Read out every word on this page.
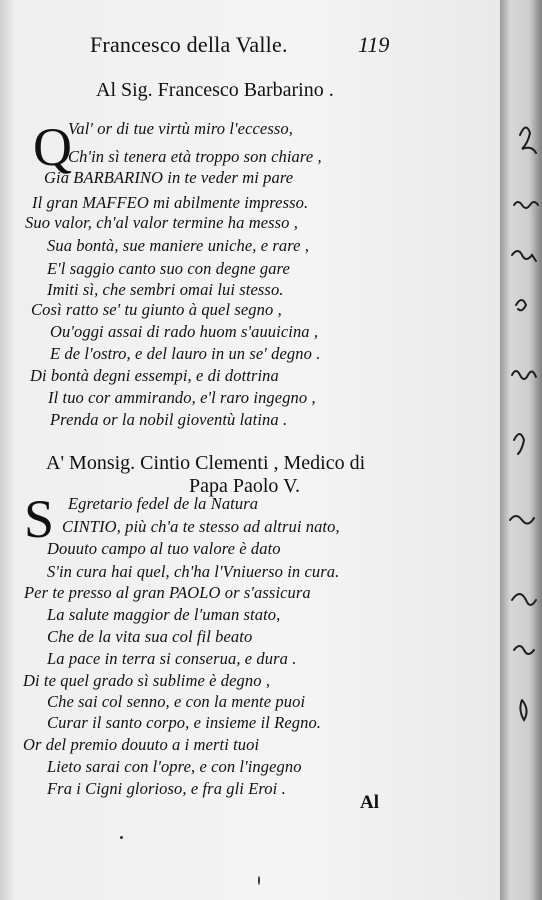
Francesco della Valle.	119
Al Sig. Francesco Barbarino .
Q
Val' or di tue virtù miro l'eccesso,
Ch'in sì tenera età troppo son chiare ,
Già BARBARINO in te veder mi pare
Il gran MAFFEO mi abilmente impresso.
Suo valor, ch'al valor termine ha messo ,
Sua bontà, sue maniere uniche, e rare ,
E'l saggio canto suo con degne gare
Imiti sì, che sembri omai lui stesso.
Così ratto se' tu giunto à quel segno ,
Ou'oggi assai di rado huom s'auuicina ,
E de l'ostro, e del lauro in un se' degno .
Di bontà degni essempi, e di dottrina
Il tuo cor ammirando, e'l raro ingegno ,
Prenda or la nobil gioventù latina .
A' Monsig. Cintio Clementi , Medico di
Papa Paolo V.
S Egretario fedel de la Natura
CINTIO, più ch'a te stesso ad altrui nato,
Douuto campo al tuo valore è dato
S'in cura hai quel, ch'ha l'Vniuerso in cura.
Per te presso al gran PAOLO or s'assicura
La salute maggior de l'uman stato,
Che de la vita sua col fil beato
La pace in terra si conserua, e dura .
Di te quel grado sì sublime è degno ,
Che sai col senno, e con la mente puoi
Curar il santo corpo, e insieme il Regno.
Or del premio douuto a i merti tuoi
Lieto sarai con l'opre, e con l'ingegno
Fra i Cigni glorioso, e fra gli Eroi .
Al
